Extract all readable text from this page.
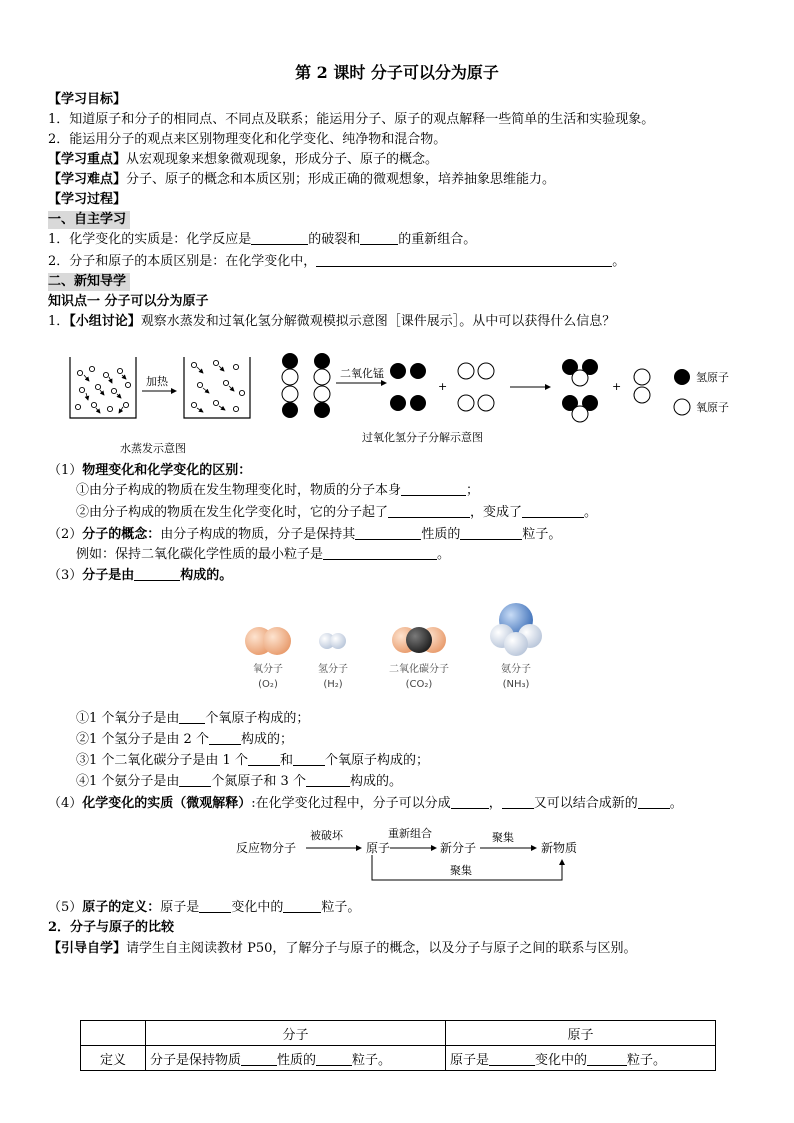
第 2 课时 分子可以分为原子
【学习目标】
1．知道原子和分子的相同点、不同点及联系；能运用分子、原子的观点解释一些简单的生活和实验现象。
2．能运用分子的观点来区别物理变化和化学变化、纯净物和混合物。
【学习重点】从宏观现象来想象微观现象，形成分子、原子的概念。
【学习难点】分子、原子的概念和本质区别；形成正确的微观想象，培养抽象思维能力。
【学习过程】
一、自主学习
1．化学变化的实质是：化学反应是	的破裂和	的重新组合。
2．分子和原子的本质区别是：在化学变化中，	。
二、新知导学
知识点一 分子可以分为原子
1．【小组讨论】观察水蒸发和过氧化氢分解微观模拟示意图［课件展示］。从中可以获得什么信息？
加热
二氧化锰
+	+
氢原子
氧原子
水蒸发示意图
过氧化氢分子分解示意图
（1）物理变化和化学变化的区别：
①由分子构成的物质在发生物理变化时，物质的分子本身	；
②由分子构成的物质在发生化学变化时，它的分子起了	，变成了	。
（2）分子的概念：由分子构成的物质，分子是保持其	性质的	粒子。
例如：保持二氧化碳化学性质的最小粒子是	。
（3）分子是由	构成的。
氧分子
(O₂)
氢分子
(H₂)
二氧化碳分子
(CO₂)
氨分子
(NH₃)
①1 个氧分子是由 个氧原子构成的；
②1 个氢分子是由 2 个 构成的；
③1 个二氧化碳分子是由 1 个 和 个氧原子构成的；
④1 个氨分子是由 个氮原子和 3 个	构成的。
（4）化学变化的实质（微观解释）:在化学变化过程中，分子可以分成	， 又可以结合成新的 。
反应物分子
被破坏
原子
重新组合
新分子
聚集
新物质
聚集
（5）原子的定义：原子是 变化中的	粒子。
2．分子与原子的比较
【引导自学】请学生自主阅读教材 P50，了解分子与原子的概念，以及分子与原子之间的联系与区别。
	分子	原子
定义	分子是保持物质 性质的 粒子。	原子是 变化中的 粒子。
